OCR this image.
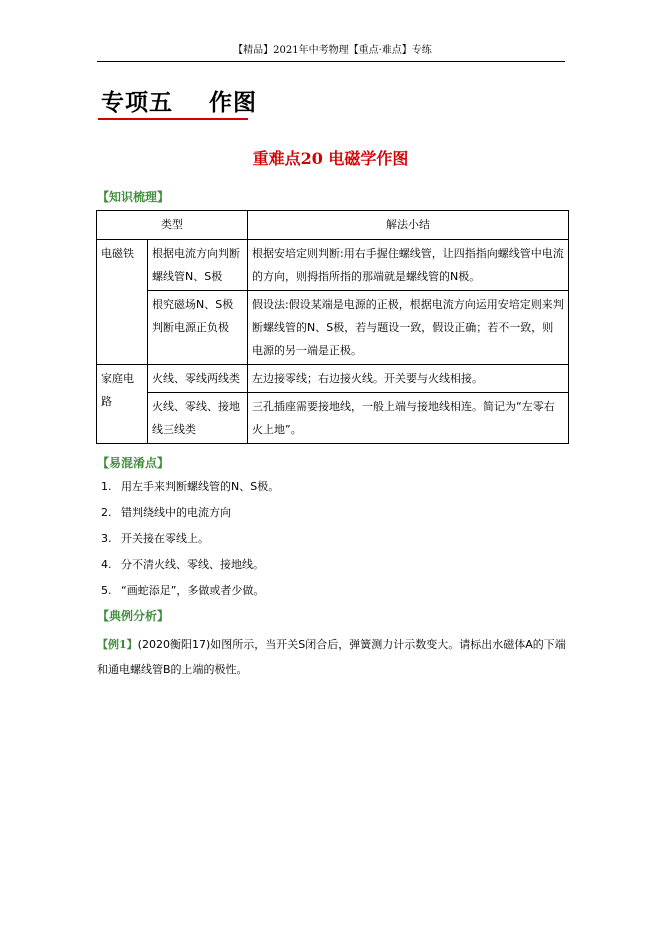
【精品】2021年中考物理【重点·难点】专练
专项五    作图
重难点20 电磁学作图
【知识梳理】
类型		解法小结
电磁铁	根据电流方向判断螺线管N、S极	根据安培定则判断:用右手握住螺线管，让四指指向螺线管中电流的方向，则拇指所指的那端就是螺线管的N极。
	根究磁场N、S极判断电源正负极	假设法:假设某端是电源的正极，根据电流方向运用安培定则来判断螺线管的N、S极，若与题设一致，假设正确；若不一致，则电源的另一端是正极。
家庭电路	火线、零线两线类	左边接零线；右边接火线。开关要与火线相接。
	火线、零线、接地线三线类	三孔插座需要接地线，一般上端与接地线相连。简记为“左零右火上地”。
【易混淆点】
1. 用左手来判断螺线管的N、S极。
2. 错判绕线中的电流方向
3. 开关接在零线上。
4. 分不清火线、零线、接地线。
5. “画蛇添足”，多做或者少做。
【典例分析】
【例1】(2020衡阳17)如图所示，当开关S闭合后，弹簧测力计示数变大。请标出水磁体A的下端和通电螺线管B的上端的极性。
